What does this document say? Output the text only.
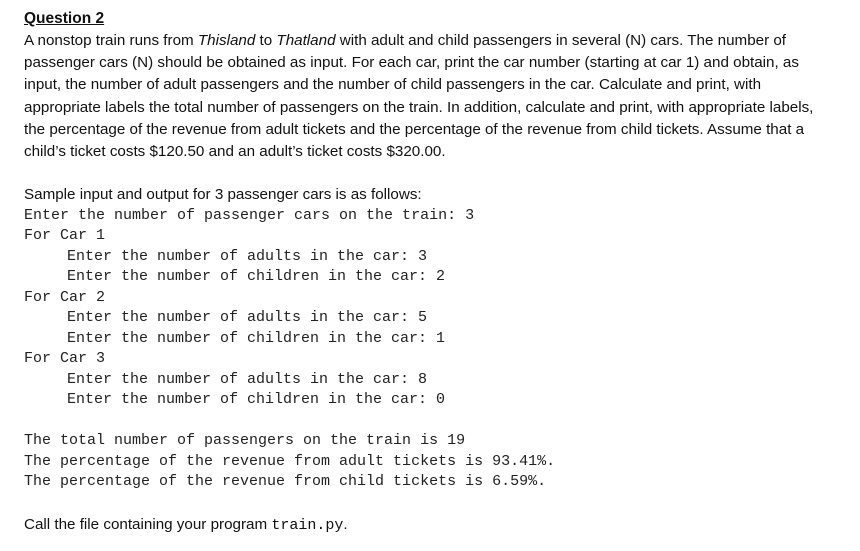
Question 2

A nonstop train runs from Thisland to Thatland with adult and child passengers in several (N) cars. The number of passenger cars (N) should be obtained as input. For each car, print the car number (starting at car 1) and obtain, as input, the number of adult passengers and the number of child passengers in the car. Calculate and print, with appropriate labels the total number of passengers on the train. In addition, calculate and print, with appropriate labels, the percentage of the revenue from adult tickets and the percentage of the revenue from child tickets. Assume that a child’s ticket costs $120.50 and an adult’s ticket costs $320.00.

Sample input and output for 3 passenger cars is as follows:

Enter the number of passenger cars on the train: 3
For Car 1
Enter the number of adults in the car: 3
Enter the number of children in the car: 2
For Car 2
Enter the number of adults in the car: 5
Enter the number of children in the car: 1
For Car 3
Enter the number of adults in the car: 8
Enter the number of children in the car: 0
The total number of passengers on the train is 19
The percentage of the revenue from adult tickets is 93.41%.
The percentage of the revenue from child tickets is 6.59%.

Call the file containing your program train.py.
